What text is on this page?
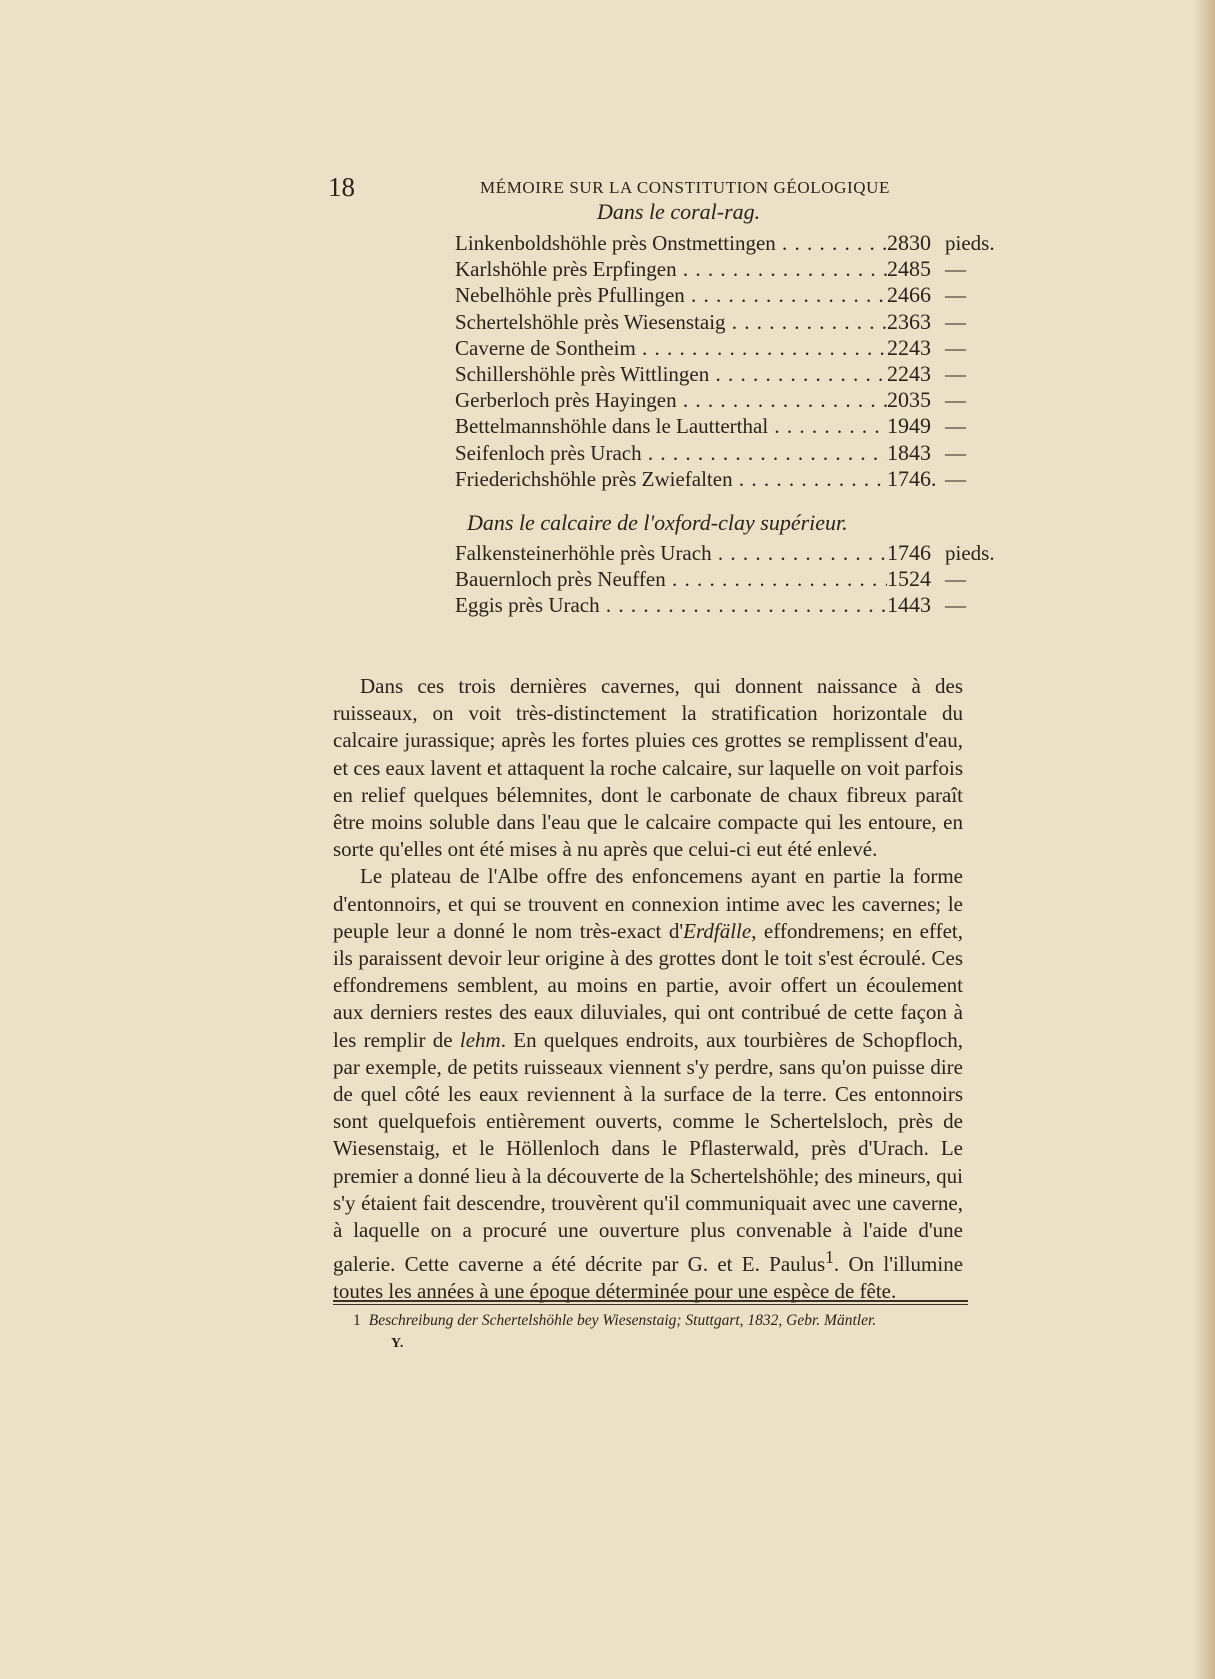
18	MÉMOIRE SUR LA CONSTITUTION GÉOLOGIQUE
Dans le coral-rag.
Linkenboldshöhle près Onstmettingen . . .	2830 pieds.
Karlshöhle près Erpfingen . . .	2485 —
Nebelhöhle près Pfullingen . . .	2466 —
Schertelshöhle près Wiesenstaig . . .	2363 —
Caverne de Sontheim . . .	2243 —
Schillershöhle près Wittlingen . . .	2243 —
Gerberloch près Hayingen . . .	2035 —
Bettelmannshöhle dans le Lautterthal . . .	1949 —
Seifenloch près Urach . . .	1843 —
Friederichshöhle près Zwiefalten . . .	1746. —
Dans le calcaire de l'oxford-clay supérieur.
Falkensteinerhöhle près Urach . . .	1746 pieds.
Bauernloch près Neuffen . . .	1524 —
Eggis près Urach . . .	1443 —

Dans ces trois dernières cavernes, qui donnent naissance à des ruisseaux, on voit très-distinctement la stratification horizontale du calcaire jurassique; après les fortes pluies ces grottes se remplissent d'eau, et ces eaux lavent et attaquent la roche calcaire, sur laquelle on voit parfois en relief quelques bélemnites, dont le carbonate de chaux fibreux paraît être moins soluble dans l'eau que le calcaire compacte qui les entoure, en sorte qu'elles ont été mises à nu après que celui-ci eut été enlevé.

Le plateau de l'Albe offre des enfoncemens ayant en partie la forme d'entonnoirs, et qui se trouvent en connexion intime avec les cavernes; le peuple leur a donné le nom très-exact d'Erdfälle, effondremens; en effet, ils paraissent devoir leur origine à des grottes dont le toit s'est écroulé. Ces effondremens semblent, au moins en partie, avoir offert un écoulement aux derniers restes des eaux diluviales, qui ont contribué de cette façon à les remplir de lehm. En quelques endroits, aux tourbières de Schopfloch, par exemple, de petits ruisseaux viennent s'y perdre, sans qu'on puisse dire de quel côté les eaux reviennent à la surface de la terre. Ces entonnoirs sont quelquefois entièrement ouverts, comme le Schertelsloch, près de Wiesenstaig, et le Höllenloch dans le Pflasterwald, près d'Urach. Le premier a donné lieu à la découverte de la Schertelshöhle; des mineurs, qui s'y étaient fait descendre, trouvèrent qu'il communiquait avec une caverne, à laquelle on a procuré une ouverture plus convenable à l'aide d'une galerie. Cette caverne a été décrite par G. et E. Paulus$^1$. On l'illumine toutes les années à une époque déterminée pour une espèce de fête.

1 Beschreibung der Schertelshöhle bey Wiesenstaig; Stuttgart, 1832, Gebr. Mäntler.
Y.
